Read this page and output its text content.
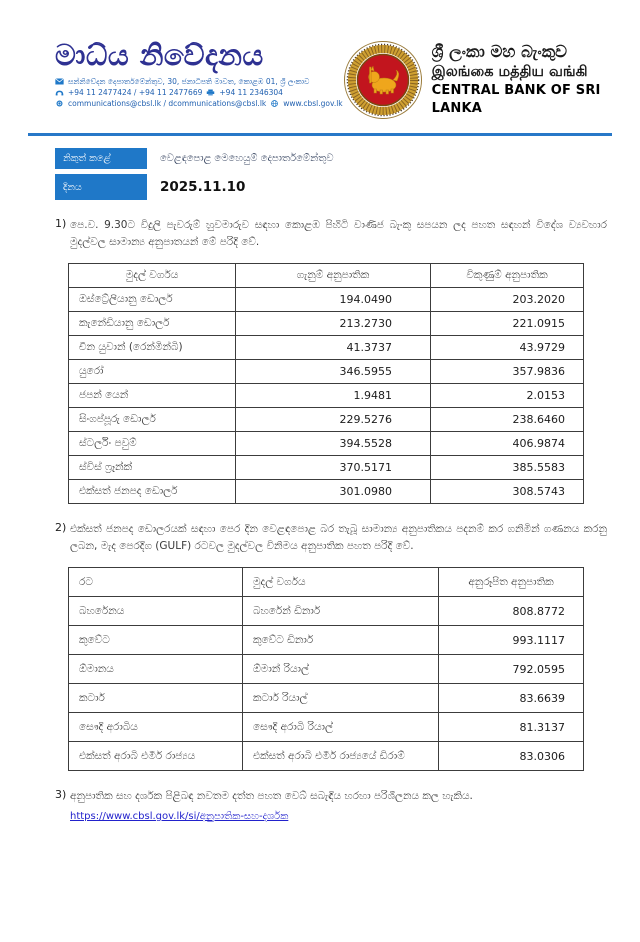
මාධ්ය නිවේදනය
සන්නිවේදන දෙපාර්තමේන්තුව, 30, ජනාධිපති මාවත, කොළඹ 01, ශ්‍රී ලංකාව
+94 11 2477424 / +94 11 2477669 +94 11 2346304
communications@cbsl.lk / dcommunications@cbsl.lk www.cbsl.gov.lk
ශ්‍රී ලංකා මහ බැංකුව
இலங்கை மத்திய வங்கி
CENTRAL BANK OF SRI LANKA
නිකුත් කළේ	වෙළඳපොළ මෙහෙයුම් දෙපාර්තමේන්තුව
දිනය	2025.11.10
1) පෙ.ව. 9.30ට විදුලි පැවරුම් හුවමාරුව සඳහා කොළඹ පිහිටි වාණිජ බැංකු සපයන ලද පහත සඳහන් විදේශ ව්‍යවහාර මුදල්වල සාමාන්‍ය අනුපාතයන් මේ පරිදි වේ.
මුදල් වර්ගය	ගැනුම් අනුපාතික	විකුණුම් අනුපාතික
ඔස්ට්‍රේලියානු ඩොලර්	194.0490	203.2020
කැනේඩියානු ඩොලර්	213.2730	221.0915
චීන යුවාන් (රෙන්මින්බි)	41.3737	43.9729
යුරෝ	346.5955	357.9836
ජපන් යෙන්	1.9481	2.0153
සිංගප්පූරු ඩොලර්	229.5276	238.6460
ස්ටර්ලිං පවුම්	394.5528	406.9874
ස්විස් ෆ්‍රෑන්ක්	370.5171	385.5583
එක්සත් ජනපද ඩොලර්	301.0980	308.5743
2) එක්සත් ජනපද ඩොලරයක් සඳහා පෙර දින වෙළඳපොළ බර තැබූ සාමාන්‍ය අනුපාතිකය පදනම් කර ගනිමින් ගණනය කරනු ලබන, මැද පෙරදිග (GULF) රටවල මුදල්වල විනිමය අනුපාතික පහත පරිදි වේ.
රට	මුදල් වර්ගය	අනුරූපිත අනුපාතික
බහරේනය	බහරේන් ඩිනාර්	808.8772
කුවේට	කුවේට ඩිනාර්	993.1117
ඕමානය	ඕමාන් රියාල්	792.0595
කටාර්	කටාර් රියාල්	83.6639
සෞදි අරාබිය	සෞදි අරාබි රියාල්	81.3137
එක්සත් අරාබි එමීර් රාජ්‍යය	එක්සත් අරාබි එමීර් රාජ්‍යයේ ඩිරාම්	83.0306
3) අනුපාතික සහ දර්ශක පිළිබඳ නවතම දත්ත පහත වෙබ් සබැඳිය හරහා පරිශීලනය කල හැකිය.
https://www.cbsl.gov.lk/si/අනුපාතික-සහ-දර්ශක
